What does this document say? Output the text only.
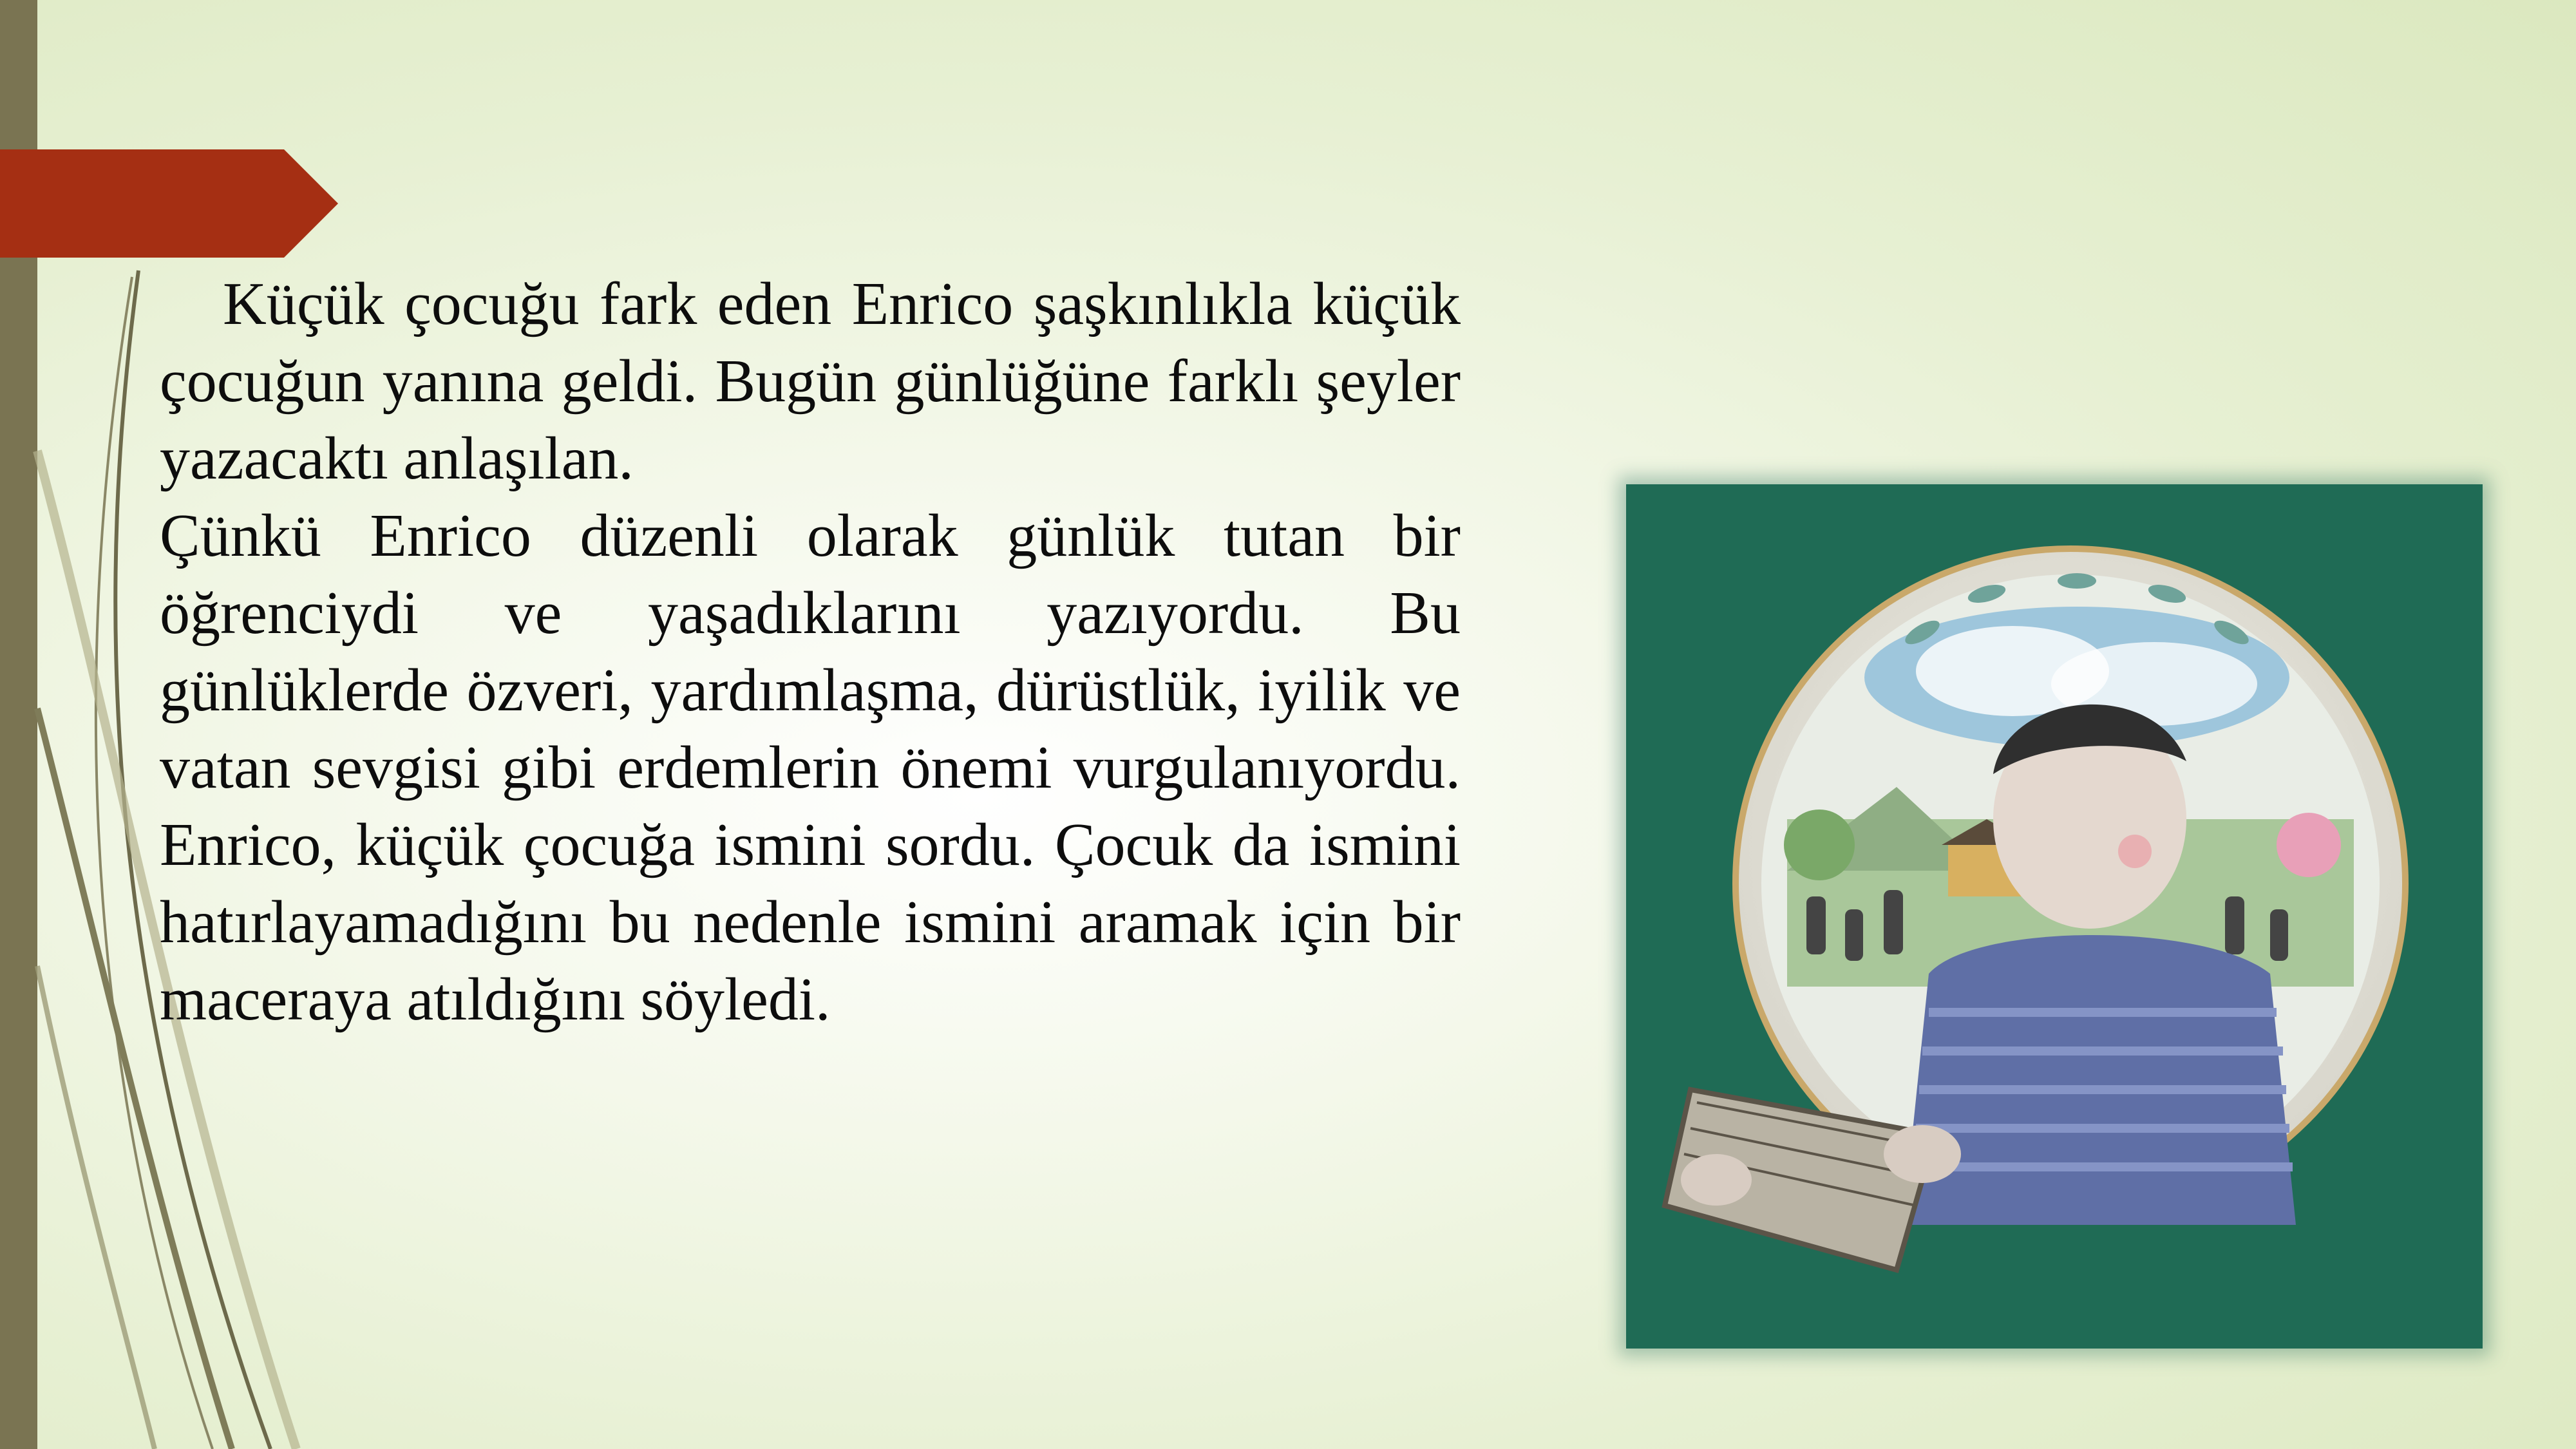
Küçük çocuğu fark eden Enrico şaşkınlıkla küçük çocuğun yanına geldi. Bugün günlüğüne farklı şeyler yazacaktı anlaşılan.

Çünkü Enrico düzenli olarak günlük tutan bir öğrenciydi ve yaşadıklarını yazıyordu. Bu günlüklerde özveri, yardımlaşma, dürüstlük, iyilik ve vatan sevgisi gibi erdemlerin önemi vurgulanıyordu. Enrico, küçük çocuğa ismini sordu. Çocuk da ismini hatırlayamadığını bu nedenle ismini aramak için bir maceraya atıldığını söyledi.
